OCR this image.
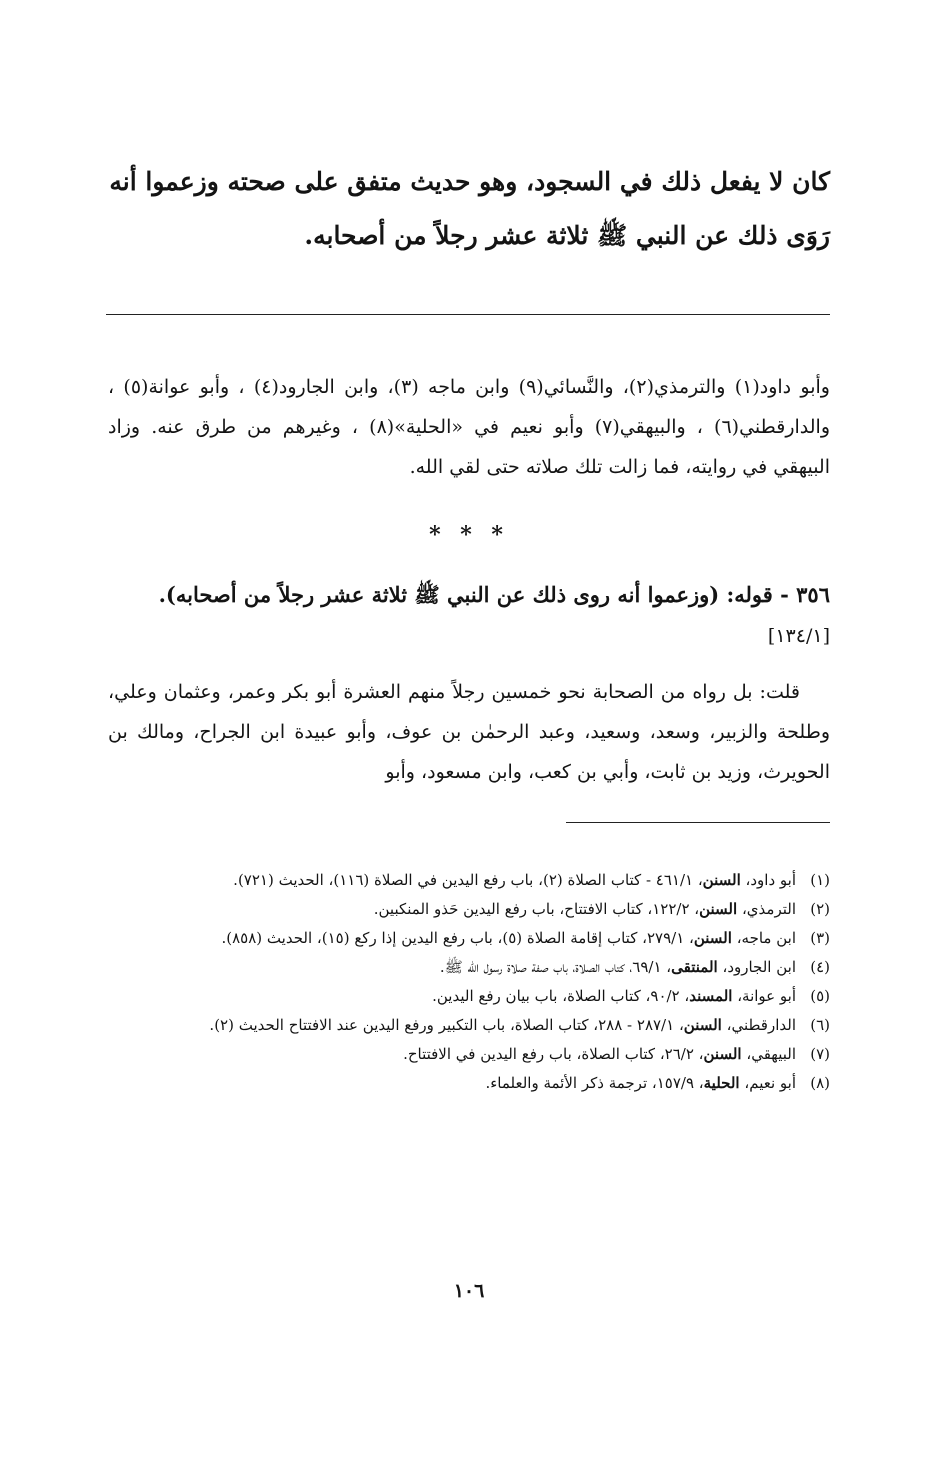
كان لا يفعل ذلك في السجود، وهو حديث متفق على صحته وزعموا أنه
رَوَى ذلك عن النبي ﷺ ثلاثة عشر رجلاً من أصحابه.
وأبو داود(١) والترمذي(٢)، والنَّسائي(٩) وابن ماجه (٣)، وابن الجارود(٤) ، وأبو عوانة(٥) ، والدارقطني(٦) ، والبيهقي(٧) وأبو نعيم في «الحلية»(٨) ، وغيرهم من طرق عنه. وزاد البيهقي في روايته، فما زالت تلك صلاته حتى لقي الله.
* * *
٣٥٦ - قوله: (وزعموا أنه روى ذلك عن النبي ﷺ ثلاثة عشر رجلاً من أصحابه).
[١٣٤/١]
قلت: بل رواه من الصحابة نحو خمسين رجلاً منهم العشرة أبو بكر وعمر، وعثمان وعلي، وطلحة والزبير، وسعد، وسعيد، وعبد الرحمٰن بن عوف، وأبو عبيدة ابن الجراح، ومالك بن الحويرث، وزيد بن ثابت، وأبي بن كعب، وابن مسعود، وأبو
(١)
أبو داود، السنن، ٤٦١/١ - كتاب الصلاة (٢)، باب رفع اليدين في الصلاة (١١٦)، الحديث (٧٢١).
(٢)
الترمذي، السنن، ١٢٢/٢، كتاب الافتتاح، باب رفع اليدين حَذو المنكبين.
(٣)
ابن ماجه، السنن، ٢٧٩/١، كتاب إقامة الصلاة (٥)، باب رفع اليدين إذا ركع (١٥)، الحديث (٨٥٨).
(٤)
ابن الجارود، المنتقى، ٦٩/١، كتاب الصلاة، باب صفة صلاة رسول الله ﷺ.
(٥)
أبو عوانة، المسند، ٩٠/٢، كتاب الصلاة، باب بيان رفع اليدين.
(٦)
الدارقطني، السنن، ٢٨٧/١ - ٢٨٨، كتاب الصلاة، باب التكبير ورفع اليدين عند الافتتاح الحديث (٢).
(٧)
البيهقي، السنن، ٢٦/٢، كتاب الصلاة، باب رفع اليدين في الافتتاح.
(٨)
أبو نعيم، الحلية، ١٥٧/٩، ترجمة ذكر الأئمة والعلماء.
١٠٦
